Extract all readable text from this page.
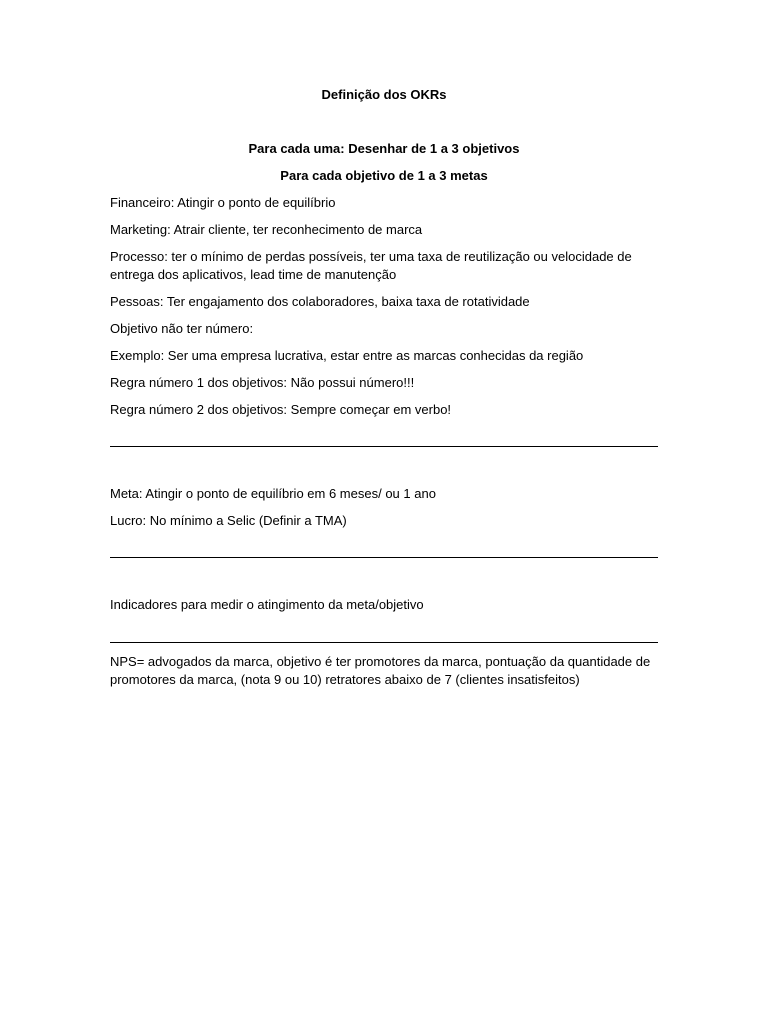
Definição dos OKRs
Para cada uma: Desenhar de 1 a 3 objetivos
Para cada objetivo de 1 a 3 metas
Financeiro: Atingir o ponto de equilíbrio
Marketing: Atrair cliente, ter reconhecimento de marca
Processo: ter o mínimo de perdas possíveis, ter uma taxa de reutilização ou velocidade de entrega dos aplicativos, lead time de manutenção
Pessoas: Ter engajamento dos colaboradores, baixa taxa de rotatividade
Objetivo não ter número:
Exemplo: Ser uma empresa lucrativa, estar entre as marcas conhecidas da região
Regra número 1 dos objetivos: Não possui número!!!
Regra número 2 dos objetivos: Sempre começar em verbo!
Meta: Atingir o ponto de equilíbrio em 6 meses/ ou 1 ano
Lucro: No mínimo a Selic (Definir a TMA)
Indicadores para medir o atingimento da meta/objetivo
NPS= advogados da marca, objetivo é ter promotores da marca, pontuação da quantidade de promotores da marca, (nota 9 ou 10) retratores abaixo de 7 (clientes insatisfeitos)
